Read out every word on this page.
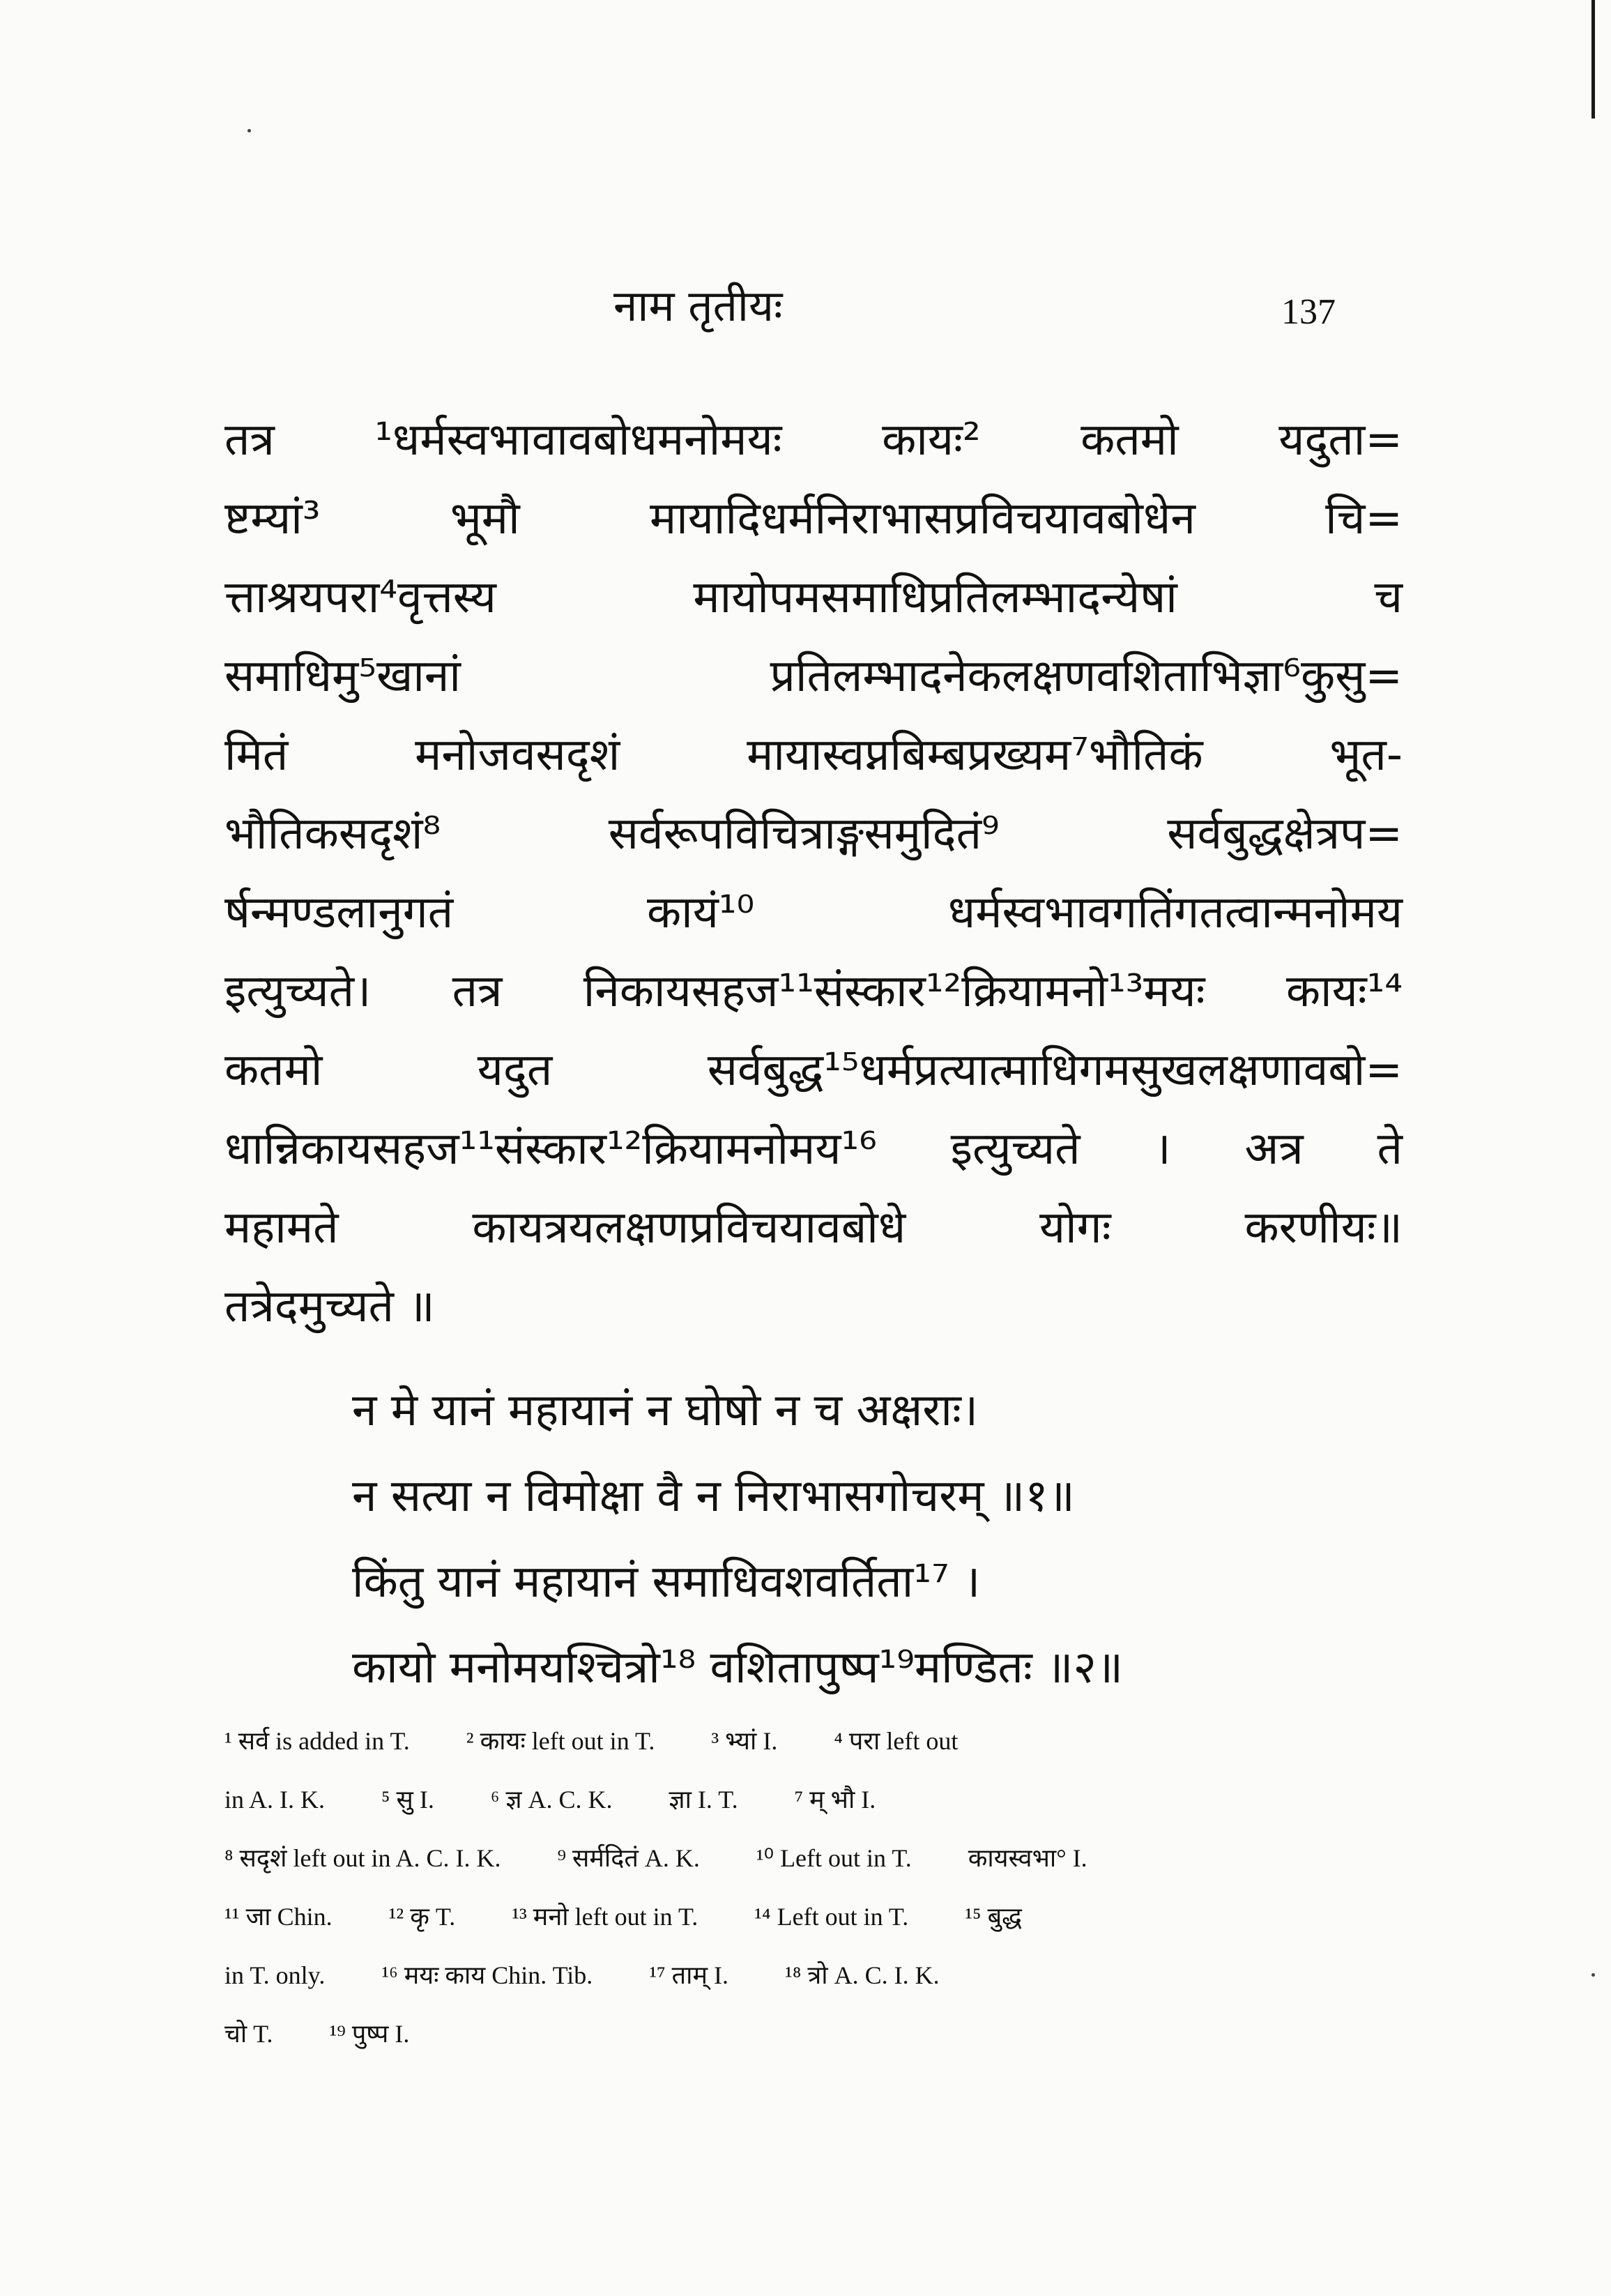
नाम तृतीयः	137
तत्र ¹धर्मस्वभावावबोधमनोमयः कायः² कतमो यदुता=
ष्टम्यां³ भूमौ मायादिधर्मनिराभासप्रविचयावबोधेन चि=
त्ताश्रयपरा⁴वृत्तस्य मायोपमसमाधिप्रतिलम्भादन्येषां च
समाधिमु⁵खानां प्रतिलम्भादनेकलक्षणवशिताभिज्ञा⁶कुसु=
मितं मनोजवसदृशं मायास्वप्नबिम्बप्रख्यम⁷भौतिकं भूत-
भौतिकसदृशं⁸ सर्वरूपविचित्राङ्गसमुदितं⁹ सर्वबुद्धक्षेत्रप=
र्षन्मण्डलानुगतं कायं¹⁰ धर्मस्वभावगतिंगतत्वान्मनोमय
इत्युच्यते। तत्र निकायसहज¹¹संस्कार¹²क्रियामनो¹³मयः कायः¹⁴
कतमो यदुत सर्वबुद्ध¹⁵धर्मप्रत्यात्माधिगमसुखलक्षणावबो=
धान्निकायसहज¹¹संस्कार¹²क्रियामनोमय¹⁶ इत्युच्यते । अत्र ते
महामते कायत्रयलक्षणप्रविचयावबोधे योगः करणीयः॥
तत्रेदमुच्यते ॥
न मे यानं महायानं न घोषो न च अक्षराः।
न सत्या न विमोक्षा वै न निराभासगोचरम् ॥१॥
किंतु यानं महायानं समाधिवशवर्तिता¹⁷ ।
कायो मनोमयश्चित्रो¹⁸ वशितापुष्प¹⁹मण्डितः ॥२॥
¹ सर्व is added in T. ² कायः left out in T. ³ भ्यां I. ⁴ परा left out
in A. I. K. ⁵ सु I. ⁶ ज्ञ A. C. K. ज्ञा I. T. ⁷ म् भौ I.
⁸ सदृशं left out in A. C. I. K. ⁹ सर्मदितं A. K. ¹⁰ Left out in T. कायस्वभा° I.
¹¹ जा Chin. ¹² कृ T. ¹³ मनो left out in T. ¹⁴ Left out in T. ¹⁵ बुद्ध
in T. only. ¹⁶ मयः काय Chin. Tib. ¹⁷ ताम् I. ¹⁸ त्रो A. C. I. K.
चो T. ¹⁹ पुष्प I.
